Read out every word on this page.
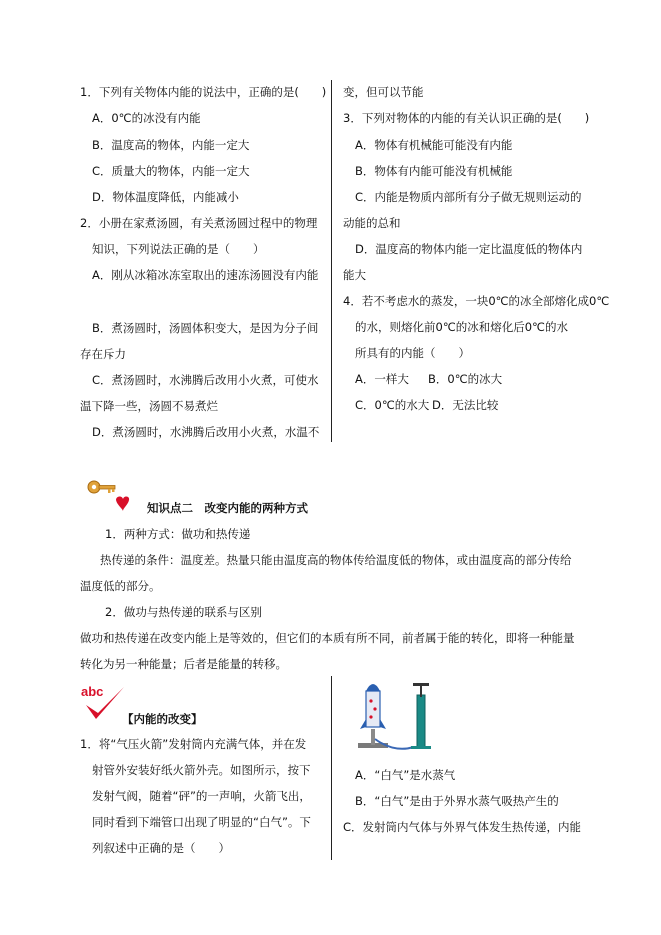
1．下列有关物体内能的说法中，正确的是(　　)
A．0℃的冰没有内能
B．温度高的物体，内能一定大
C．质量大的物体，内能一定大
D．物体温度降低，内能减小
2．小册在家煮汤圆，有关煮汤圆过程中的物理
知识，下列说法正确的是（　　）
A．刚从冰箱冰冻室取出的速冻汤圆没有内能
B．煮汤圆时，汤圆体积变大，是因为分子间
存在斥力
C．煮汤圆时，水沸腾后改用小火煮，可使水
温下降一些，汤圆不易煮烂
D．煮汤圆时，水沸腾后改用小火煮，水温不
变，但可以节能
3．下列对物体的内能的有关认识正确的是(　　)
A．物体有机械能可能没有内能
B．物体有内能可能没有机械能
C．内能是物质内部所有分子做无规则运动的
动能的总和
D．温度高的物体内能一定比温度低的物体内
能大
4．若不考虑水的蒸发，一块0℃的冰全部熔化成0℃
的水，则熔化前0℃的冰和熔化后0℃的水
所具有的内能（　　）
A．一样大 B．0℃的冰大
C．0℃的水大 D．无法比较
知识点二　改变内能的两种方式
1．两种方式：做功和热传递
热传递的条件：温度差。热量只能由温度高的物体传给温度低的物体，或由温度高的部分传给
温度低的部分。
2．做功与热传递的联系与区别
做功和热传递在改变内能上是等效的，但它们的本质有所不同，前者属于能的转化，即将一种能量
转化为另一种能量；后者是能量的转移。
abc
【内能的改变】
1．将“气压火箭”发射筒内充满气体，并在发
射管外安装好纸火箭外壳。如图所示，按下
发射气阀，随着“砰”的一声响，火箭飞出，
同时看到下端管口出现了明显的“白气”。下
列叙述中正确的是（　　）
A．“白气”是水蒸气
B．“白气”是由于外界水蒸气吸热产生的
C．发射筒内气体与外界气体发生热传递，内能
